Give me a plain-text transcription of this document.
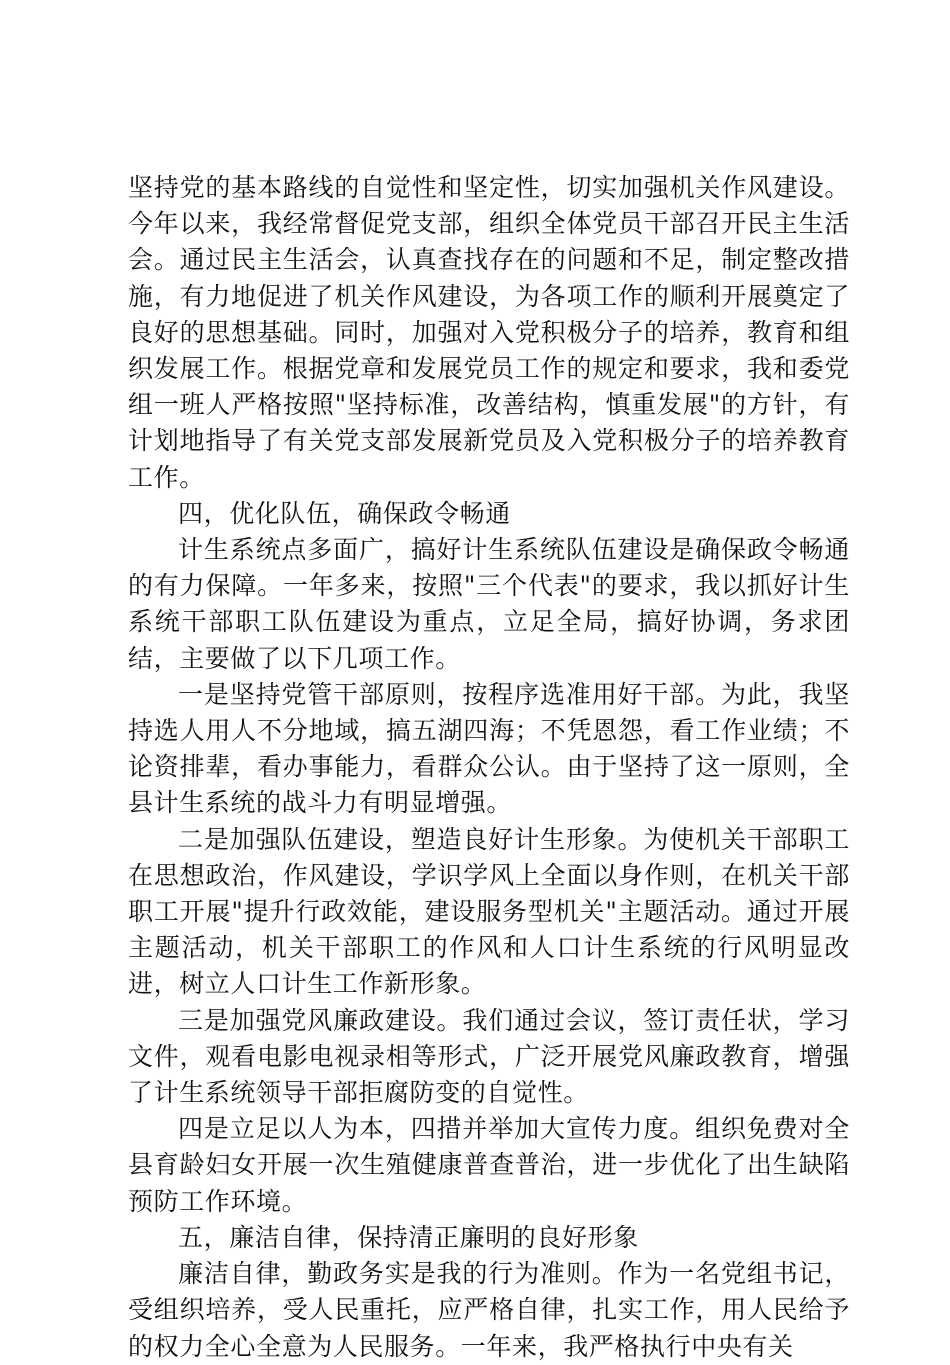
坚持党的基本路线的自觉性和坚定性，切实加强机关作风建设。今年以来，我经常督促党支部，组织全体党员干部召开民主生活会。通过民主生活会，认真查找存在的问题和不足，制定整改措施，有力地促进了机关作风建设，为各项工作的顺利开展奠定了良好的思想基础。同时，加强对入党积极分子的培养，教育和组织发展工作。根据党章和发展党员工作的规定和要求，我和委党组一班人严格按照"坚持标准，改善结构，慎重发展"的方针，有计划地指导了有关党支部发展新党员及入党积极分子的培养教育工作。

四，优化队伍，确保政令畅通

计生系统点多面广，搞好计生系统队伍建设是确保政令畅通的有力保障。一年多来，按照"三个代表"的要求，我以抓好计生系统干部职工队伍建设为重点，立足全局，搞好协调，务求团结，主要做了以下几项工作。

一是坚持党管干部原则，按程序选准用好干部。为此，我坚持选人用人不分地域，搞五湖四海；不凭恩怨，看工作业绩；不论资排辈，看办事能力，看群众公认。由于坚持了这一原则，全县计生系统的战斗力有明显增强。

二是加强队伍建设，塑造良好计生形象。为使机关干部职工在思想政治，作风建设，学识学风上全面以身作则，在机关干部职工开展"提升行政效能，建设服务型机关"主题活动。通过开展主题活动，机关干部职工的作风和人口计生系统的行风明显改进，树立人口计生工作新形象。

三是加强党风廉政建设。我们通过会议，签订责任状，学习文件，观看电影电视录相等形式，广泛开展党风廉政教育，增强了计生系统领导干部拒腐防变的自觉性。

四是立足以人为本，四措并举加大宣传力度。组织免费对全县育龄妇女开展一次生殖健康普查普治，进一步优化了出生缺陷预防工作环境。

五，廉洁自律，保持清正廉明的良好形象

廉洁自律，勤政务实是我的行为准则。作为一名党组书记，受组织培养，受人民重托，应严格自律，扎实工作，用人民给予的权力全心全意为人民服务。一年来，我严格执行中央有关
